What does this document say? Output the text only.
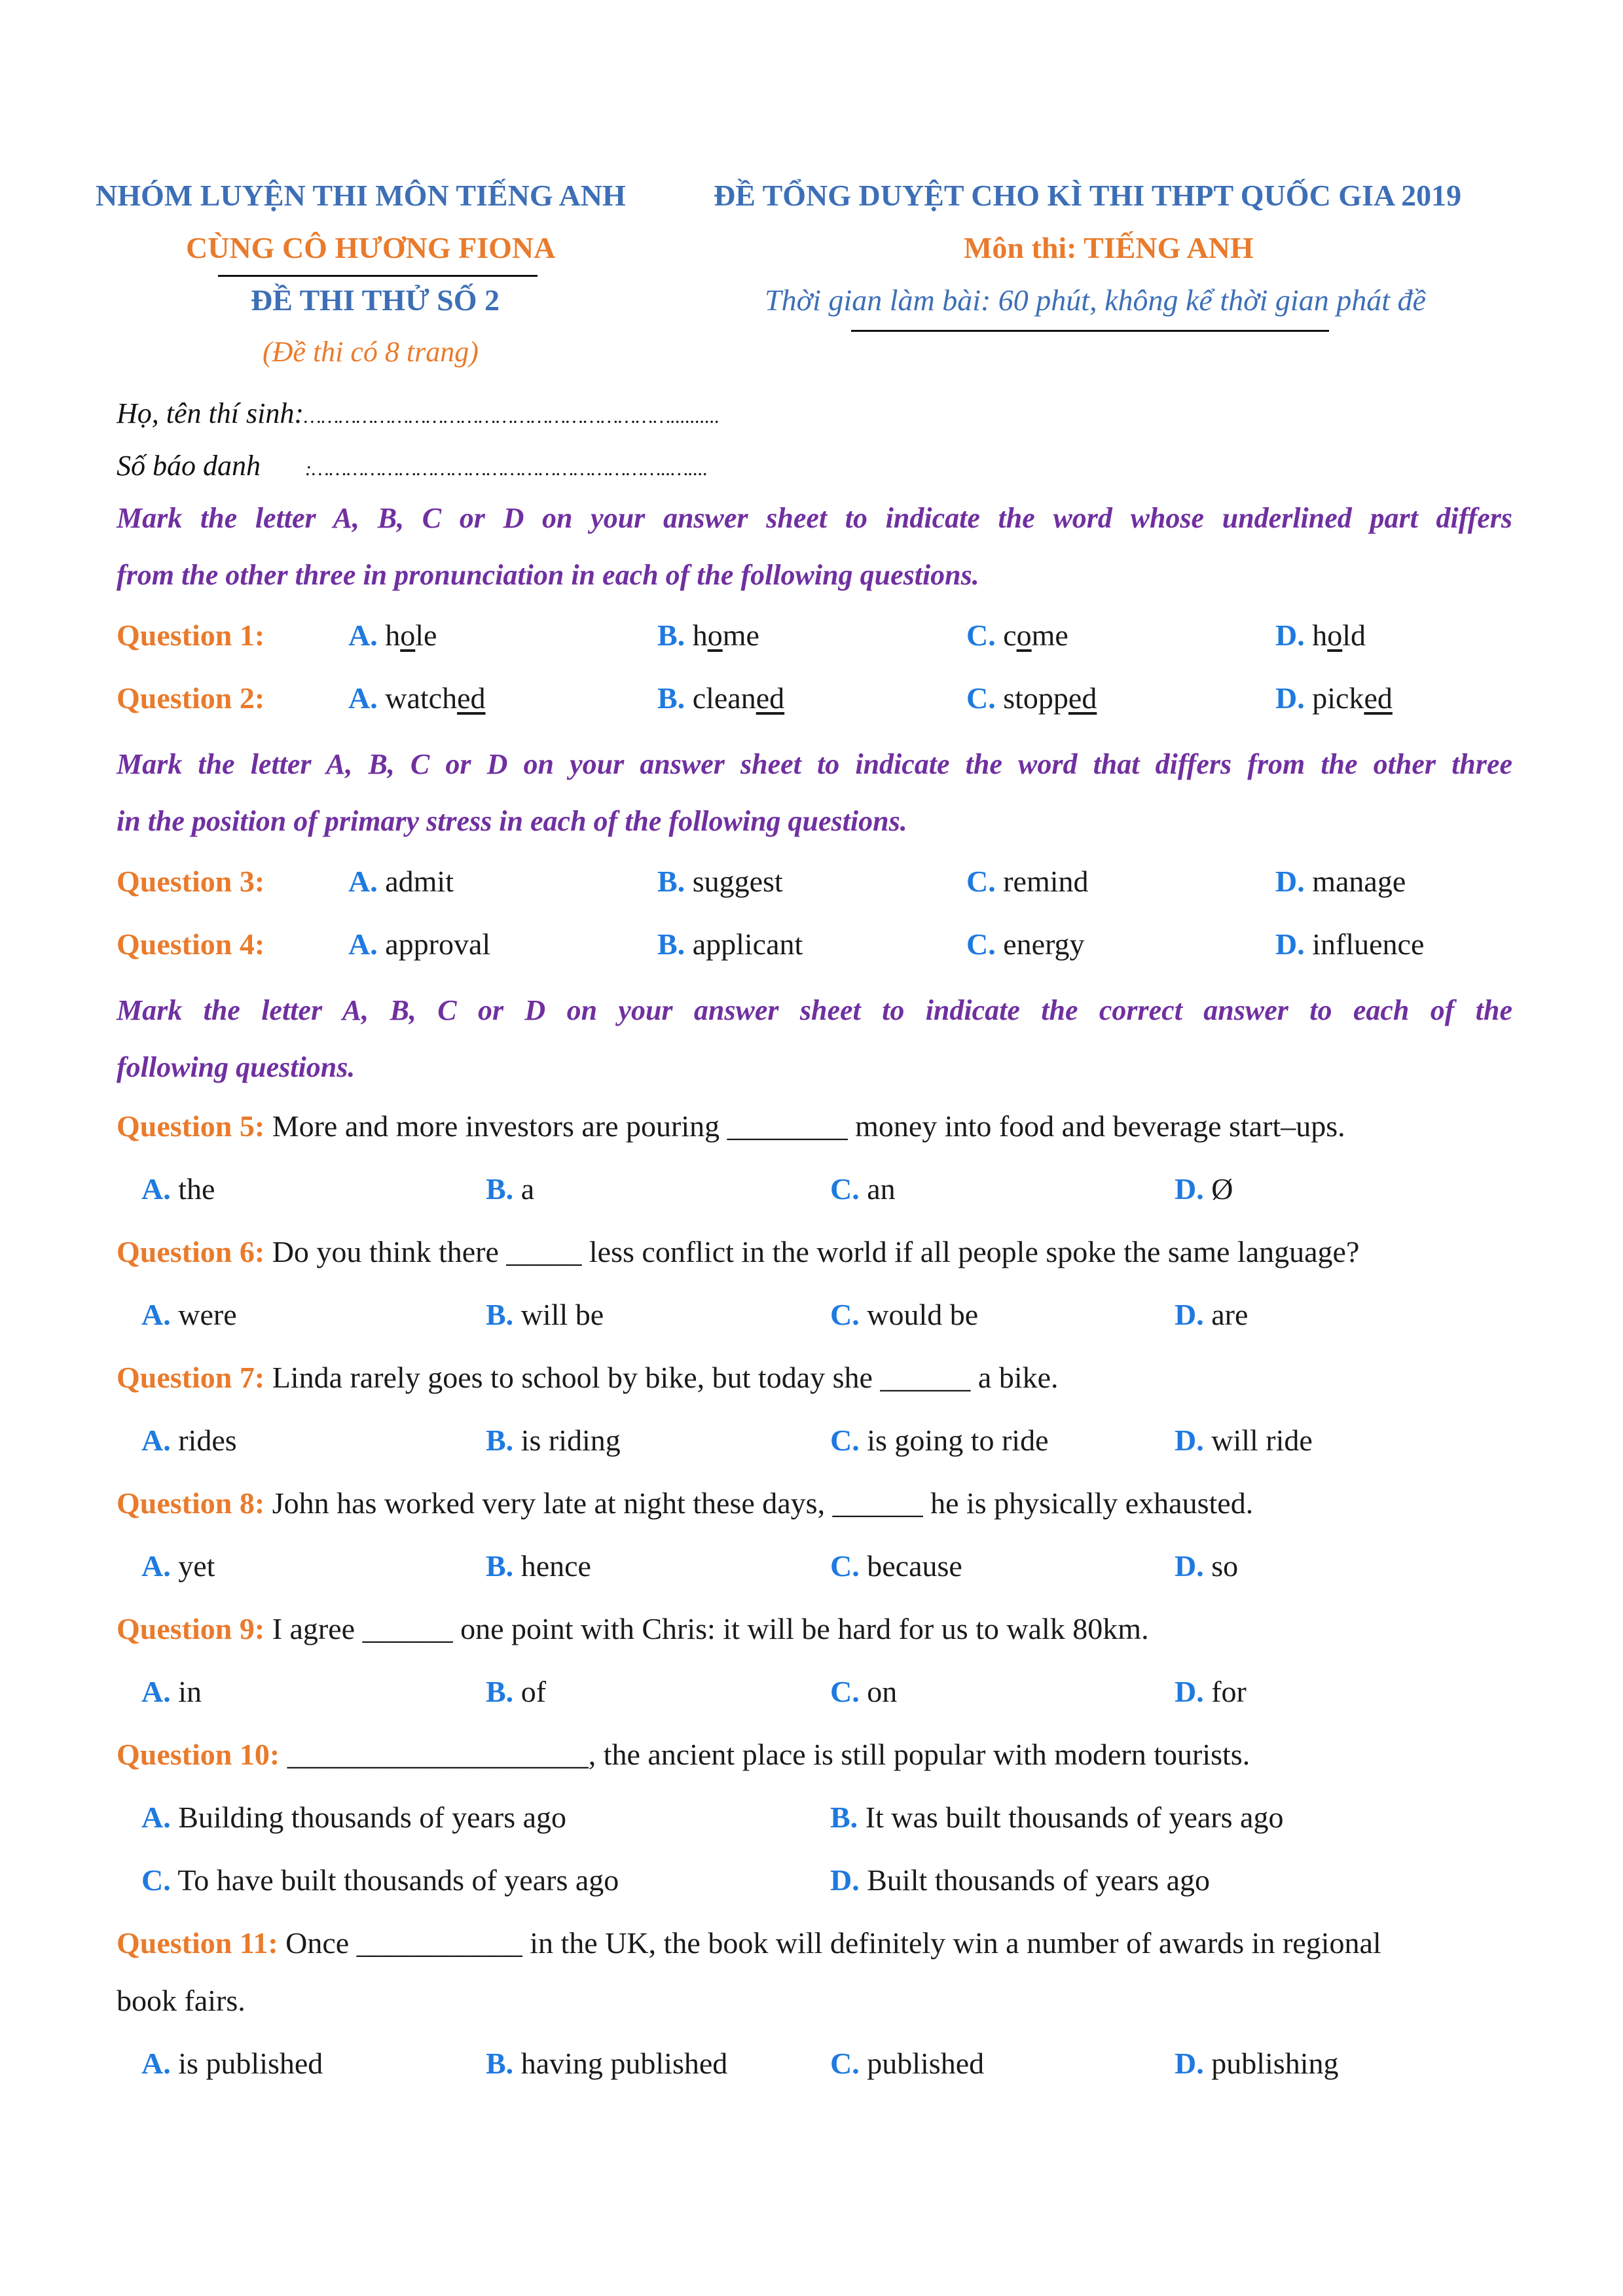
NHÓM LUYỆN THI MÔN TIẾNG ANH
CÙNG CÔ HƯƠNG FIONA
ĐỀ THI THỬ SỐ 2
(Đề thi có 8 trang)
ĐỀ TỔNG DUYỆT CHO KÌ THI THPT QUỐC GIA 2019
Môn thi: TIẾNG ANH
Thời gian làm bài: 60 phút, không kể thời gian phát đề
Họ, tên thí sinh:………………………………………………………..........
Số báo danh :……………………………………………………..…....
Mark the letter A, B, C or D on your answer sheet to indicate the word whose underlined part differs
from the other three in pronunciation in each of the following questions.
Question 1:	A. hole	B. home	C. come	D. hold
Question 2:	A. watched	B. cleaned	C. stopped	D. picked
Mark the letter A, B, C or D on your answer sheet to indicate the word that differs from the other three
in the position of primary stress in each of the following questions.
Question 3:	A. admit	B. suggest	C. remind	D. manage
Question 4:	A. approval	B. applicant	C. energy	D. influence
Mark the letter A, B, C or D on your answer sheet to indicate the correct answer to each of the
following questions.
Question 5: More and more investors are pouring ________ money into food and beverage start–ups.
A. the	B. a	C. an	D. Ø
Question 6: Do you think there _____ less conflict in the world if all people spoke the same language?
A. were	B. will be	C. would be	D. are
Question 7: Linda rarely goes to school by bike, but today she ______ a bike.
A. rides	B. is riding	C. is going to ride	D. will ride
Question 8: John has worked very late at night these days, ______ he is physically exhausted.
A. yet	B. hence	C. because	D. so
Question 9: I agree ______ one point with Chris: it will be hard for us to walk 80km.
A. in	B. of	C. on	D. for
Question 10: ____________________, the ancient place is still popular with modern tourists.
A. Building thousands of years ago	B. It was built thousands of years ago
C. To have built thousands of years ago	D. Built thousands of years ago
Question 11: Once ___________ in the UK, the book will definitely win a number of awards in regional
book fairs.
A. is published	B. having published	C. published	D. publishing
